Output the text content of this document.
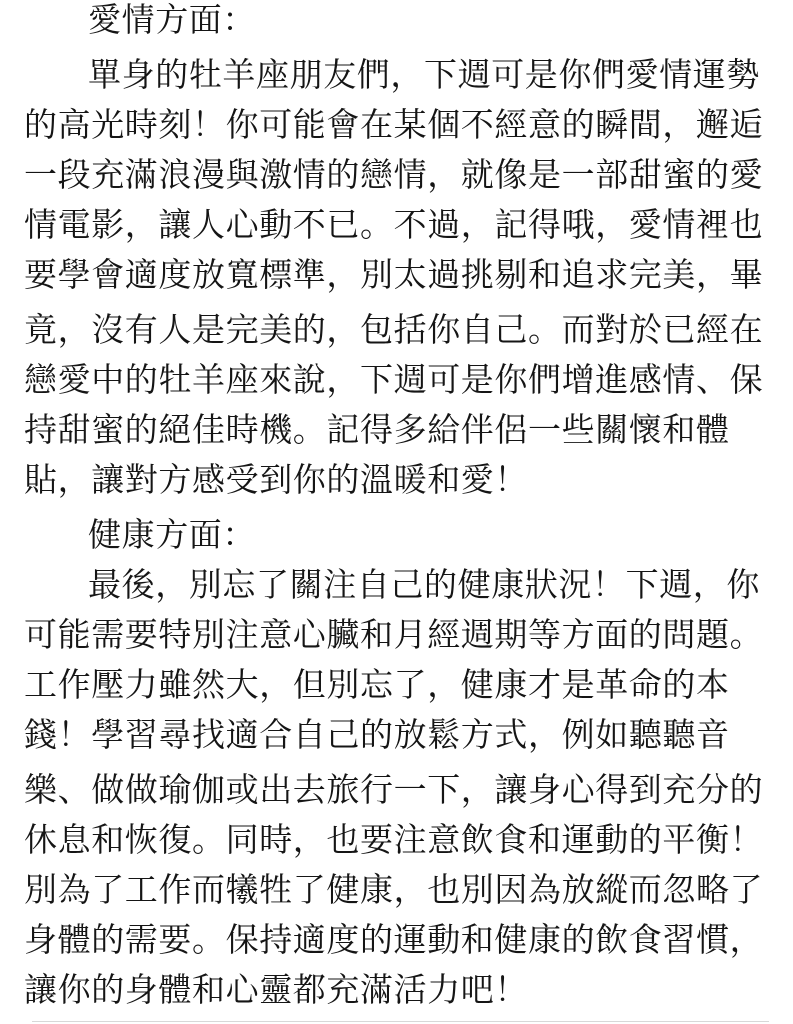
愛情方面：
單身的牡羊座朋友們，下週可是你們愛情運勢
的高光時刻！你可能會在某個不經意的瞬間，邂逅
一段充滿浪漫與激情的戀情，就像是一部甜蜜的愛
情電影，讓人心動不已。不過，記得哦，愛情裡也
要學會適度放寬標準，別太過挑剔和追求完美，畢
竟，沒有人是完美的，包括你自己。而對於已經在
戀愛中的牡羊座來說，下週可是你們增進感情、保
持甜蜜的絕佳時機。記得多給伴侶一些關懷和體
貼，讓對方感受到你的溫暖和愛！
健康方面：
最後，別忘了關注自己的健康狀況！下週，你
可能需要特別注意心臟和月經週期等方面的問題。
工作壓力雖然大，但別忘了，健康才是革命的本
錢！學習尋找適合自己的放鬆方式，例如聽聽音
樂、做做瑜伽或出去旅行一下，讓身心得到充分的
休息和恢復。同時，也要注意飲食和運動的平衡！
別為了工作而犧牲了健康，也別因為放縱而忽略了
身體的需要。保持適度的運動和健康的飲食習慣，
讓你的身體和心靈都充滿活力吧！
